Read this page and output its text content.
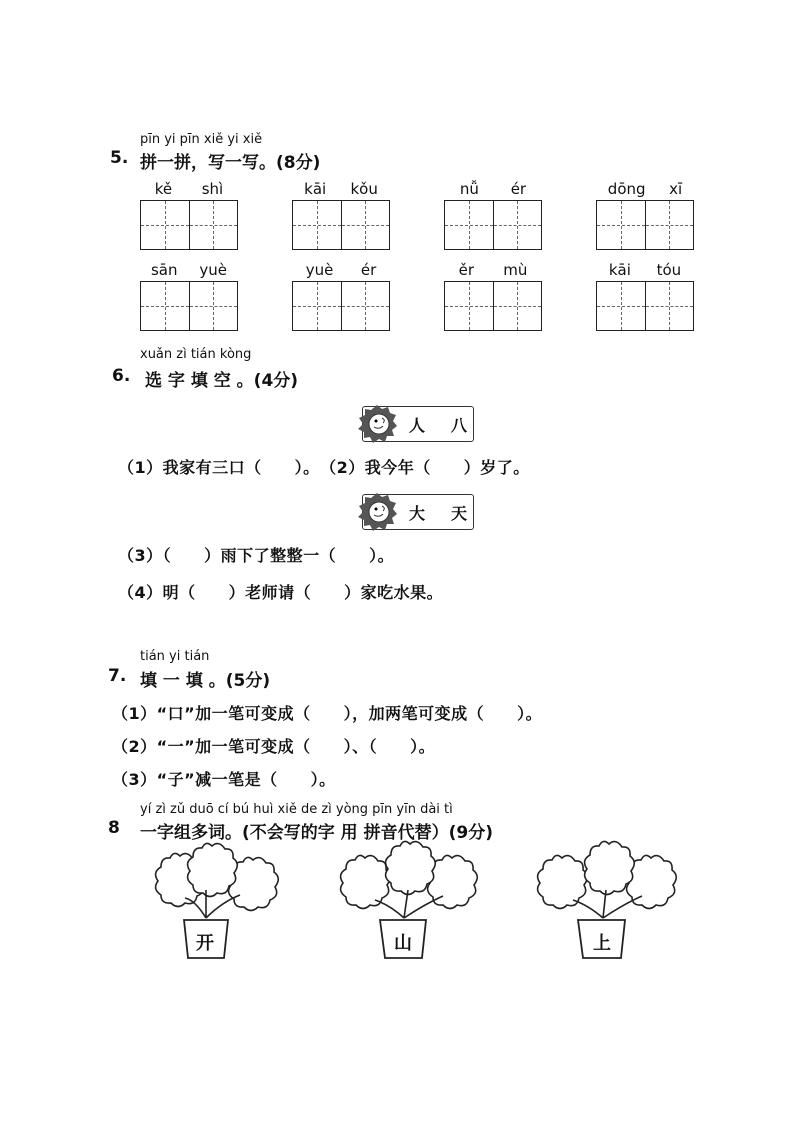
pīn yi pīn xiě yi xiě
5. 拼一拼，写一写。(8分)
kě shì	kāi kǒu	nǚ ér	dōng xī
sān yuè	yuè ér	ěr mù	kāi tóu
xuǎn zì tián kòng
6. 选 字 填 空 。(4分)
人 八
（1）我家有三口（　　）。　（2）我今年（　　）岁了。
大 天
（3）（　　）雨下了整整一（　　）。
（4）明（　　）老师请（　　）家吃水果。
tián yi tián
7. 填 一 填 。(5分)
（1）“口”加一笔可变成（　　），加两笔可变成（　　）。
（2）“一”加一笔可变成（　　）、（　　）。
（3）“子”减一笔是（　　）。
yí zì zǔ duō cí bú huì xiě de zì yòng pīn yīn dài tì
8 一字组多词。(不会写的字 用 拼音代替）(9分)
开	山	上
